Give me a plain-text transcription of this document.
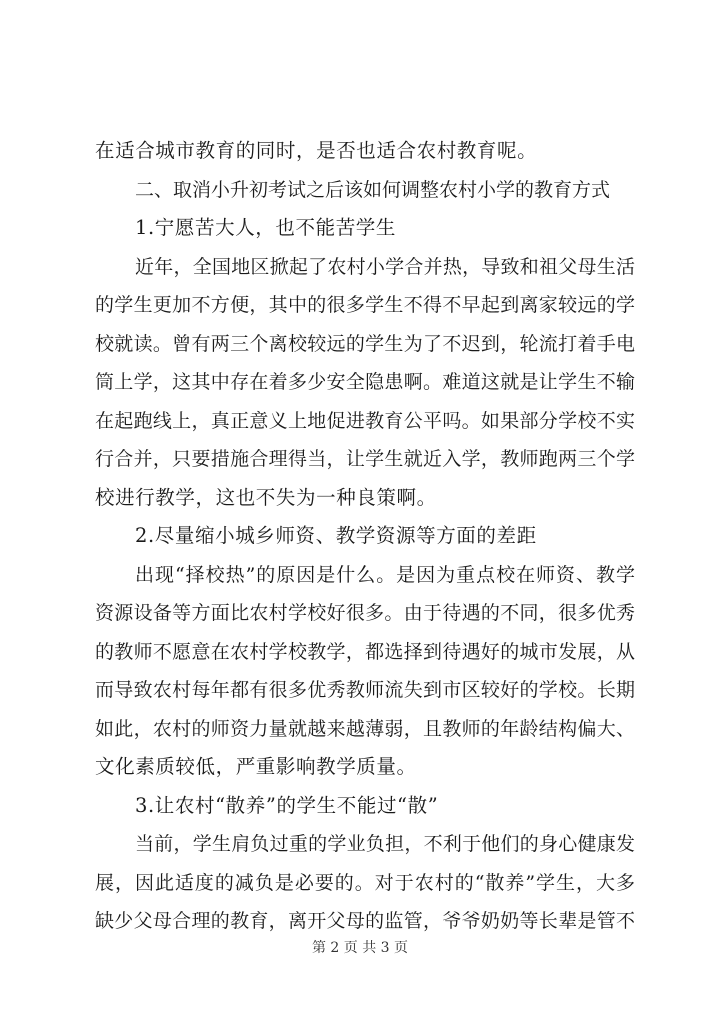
在适合城市教育的同时，是否也适合农村教育呢。
二、取消小升初考试之后该如何调整农村小学的教育方式
1.宁愿苦大人，也不能苦学生
近年，全国地区掀起了农村小学合并热，导致和祖父母生活
的学生更加不方便，其中的很多学生不得不早起到离家较远的学
校就读。曾有两三个离校较远的学生为了不迟到，轮流打着手电
筒上学，这其中存在着多少安全隐患啊。难道这就是让学生不输
在起跑线上，真正意义上地促进教育公平吗。如果部分学校不实
行合并，只要措施合理得当，让学生就近入学，教师跑两三个学
校进行教学，这也不失为一种良策啊。
2.尽量缩小城乡师资、教学资源等方面的差距
出现“择校热”的原因是什么。是因为重点校在师资、教学
资源设备等方面比农村学校好很多。由于待遇的不同，很多优秀
的教师不愿意在农村学校教学，都选择到待遇好的城市发展，从
而导致农村每年都有很多优秀教师流失到市区较好的学校。长期
如此，农村的师资力量就越来越薄弱，且教师的年龄结构偏大、
文化素质较低，严重影响教学质量。
3.让农村“散养”的学生不能过“散”
当前，学生肩负过重的学业负担，不利于他们的身心健康发
展，因此适度的减负是必要的。对于农村的“散养”学生，大多
缺少父母合理的教育，离开父母的监管，爷爷奶奶等长辈是管不
第 2 页 共 3 页
